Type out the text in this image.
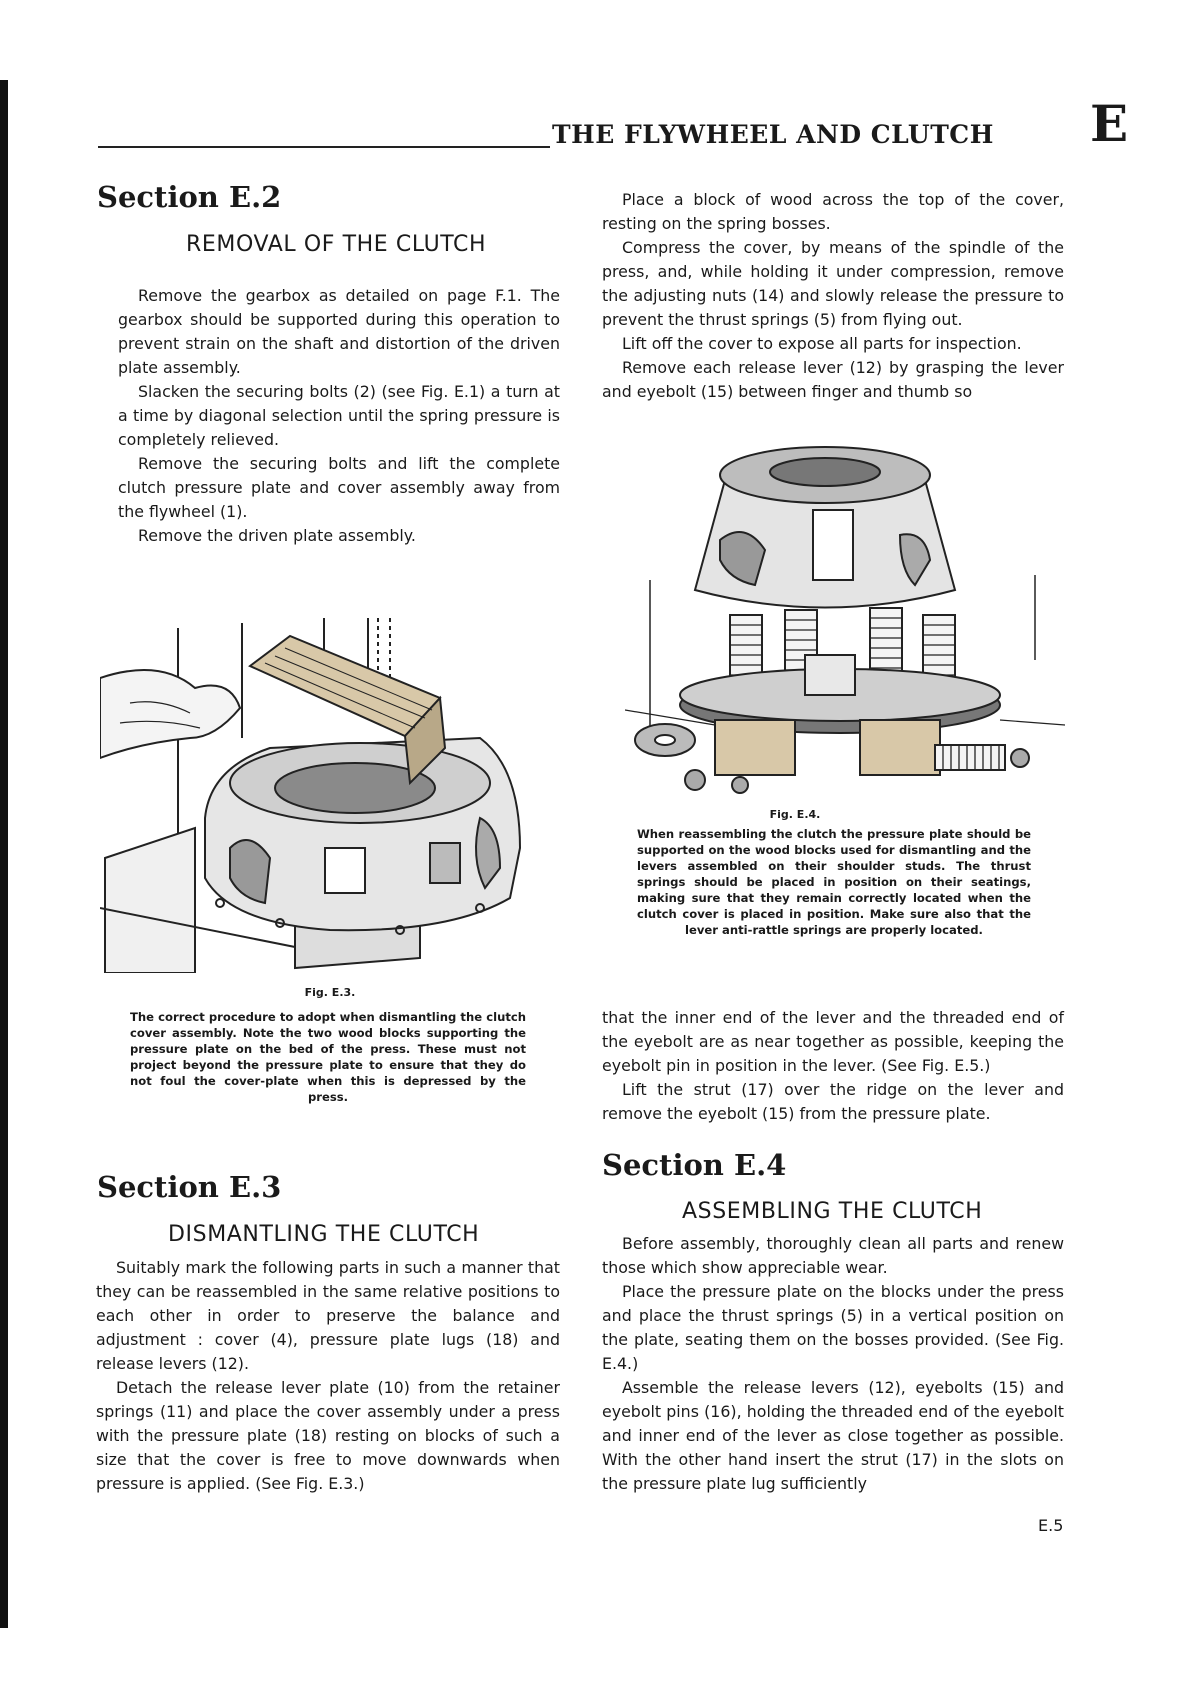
THE FLYWHEEL AND CLUTCH E
Section E.2
REMOVAL OF THE CLUTCH

Remove the gearbox as detailed on page F.1. The gearbox should be supported during this operation to prevent strain on the shaft and distortion of the driven plate assembly.

Slacken the securing bolts (2) (see Fig. E.1) a turn at a time by diagonal selection until the spring pressure is completely relieved.

Remove the securing bolts and lift the complete clutch pressure plate and cover assembly away from the flywheel (1).

Remove the driven plate assembly.

Place a block of wood across the top of the cover, resting on the spring bosses.

Compress the cover, by means of the spindle of the press, and, while holding it under compression, remove the adjusting nuts (14) and slowly release the pressure to prevent the thrust springs (5) from flying out.

Lift off the cover to expose all parts for inspection.

Remove each release lever (12) by grasping the lever and eyebolt (15) between finger and thumb so

Fig. E.3.
The correct procedure to adopt when dismantling the clutch cover assembly. Note the two wood blocks supporting the pressure plate on the bed of the press. These must not project beyond the pressure plate to ensure that they do not foul the cover-plate when this is depressed by the press.
Fig. E.4.
When reassembling the clutch the pressure plate should be supported on the wood blocks used for dismantling and the levers assembled on their shoulder studs. The thrust springs should be placed in position on their seatings, making sure that they remain correctly located when the clutch cover is placed in position. Make sure also that the lever anti-rattle springs are properly located.

that the inner end of the lever and the threaded end of the eyebolt are as near together as possible, keeping the eyebolt pin in position in the lever. (See Fig. E.5.)

Lift the strut (17) over the ridge on the lever and remove the eyebolt (15) from the pressure plate.

Section E.3
DISMANTLING THE CLUTCH

Suitably mark the following parts in such a manner that they can be reassembled in the same relative positions to each other in order to preserve the balance and adjustment : cover (4), pressure plate lugs (18) and release levers (12).

Detach the release lever plate (10) from the retainer springs (11) and place the cover assembly under a press with the pressure plate (18) resting on blocks of such a size that the cover is free to move downwards when pressure is applied. (See Fig. E.3.)

Section E.4
ASSEMBLING THE CLUTCH

Before assembly, thoroughly clean all parts and renew those which show appreciable wear.

Place the pressure plate on the blocks under the press and place the thrust springs (5) in a vertical position on the plate, seating them on the bosses provided. (See Fig. E.4.)

Assemble the release levers (12), eyebolts (15) and eyebolt pins (16), holding the threaded end of the eyebolt and inner end of the lever as close together as possible. With the other hand insert the strut (17) in the slots on the pressure plate lug sufficiently

E.5
